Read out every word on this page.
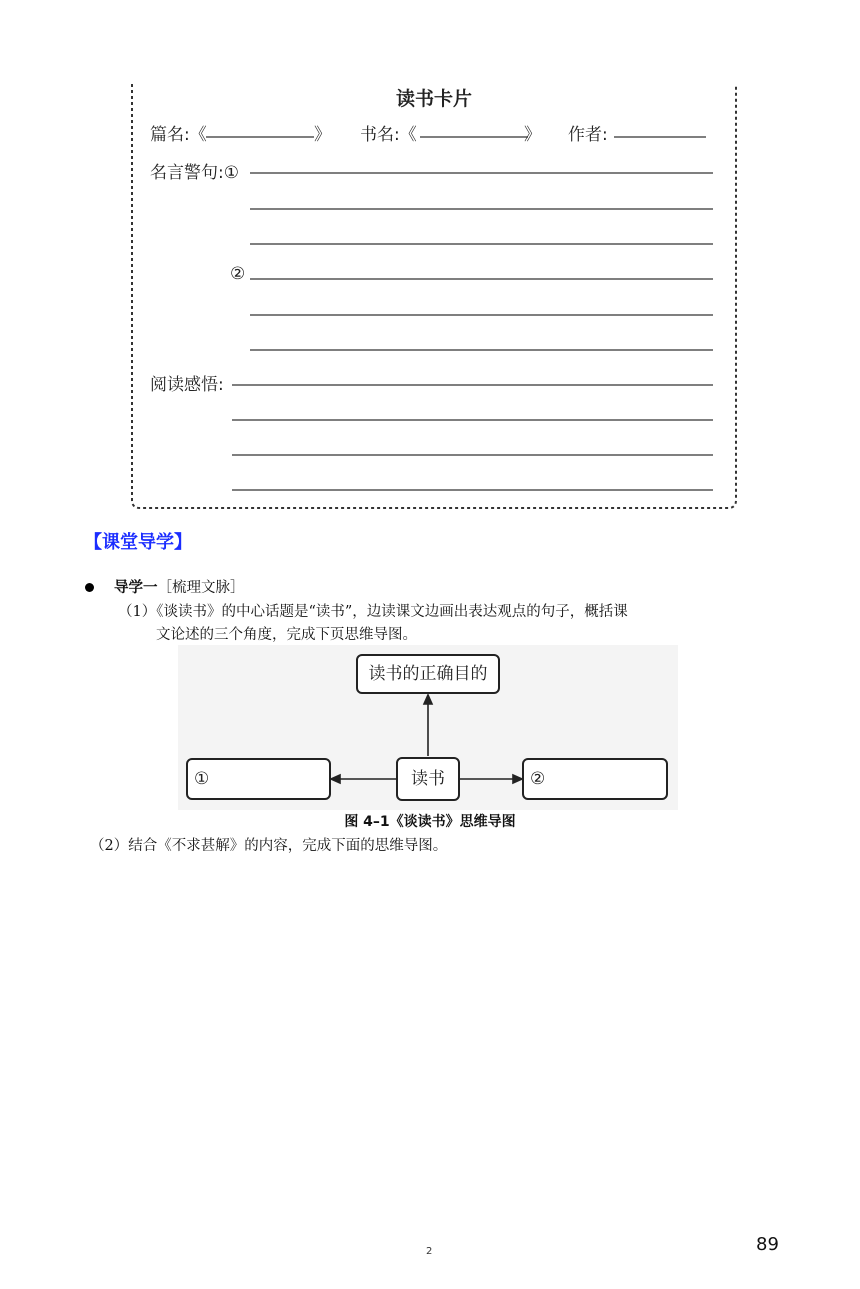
读书卡片
篇名:《	》 书名:《	》 作者:
名言警句:①
②
阅读感悟:
【课堂导学】
导学一［梳理文脉］
（1）《谈读书》的中心话题是“读书”，边读课文边画出表达观点的句子，概括课
文论述的三个角度，完成下页思维导图。
读书的正确目的
读书
①	②
图 4–1《谈读书》思维导图
（2）结合《不求甚解》的内容，完成下面的思维导图。
89
2
